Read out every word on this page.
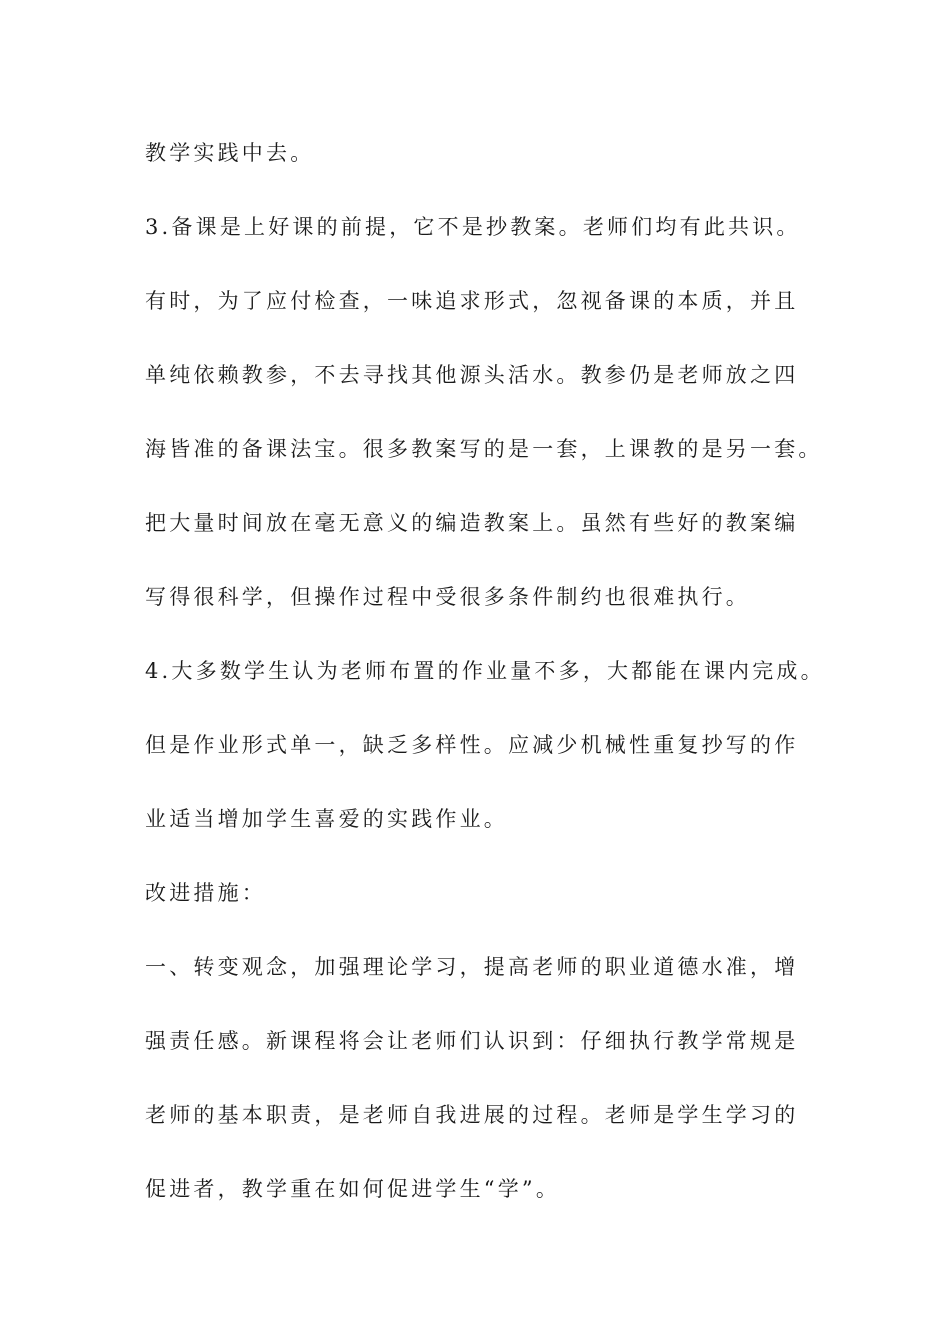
教学实践中去。
3.备课是上好课的前提，它不是抄教案。老师们均有此共识。
有时，为了应付检查，一味追求形式，忽视备课的本质，并且
单纯依赖教参，不去寻找其他源头活水。教参仍是老师放之四
海皆准的备课法宝。很多教案写的是一套，上课教的是另一套。
把大量时间放在毫无意义的编造教案上。虽然有些好的教案编
写得很科学，但操作过程中受很多条件制约也很难执行。
4.大多数学生认为老师布置的作业量不多，大都能在课内完成。
但是作业形式单一，缺乏多样性。应减少机械性重复抄写的作
业适当增加学生喜爱的实践作业。
改进措施：
一、转变观念，加强理论学习，提高老师的职业道德水准，增
强责任感。新课程将会让老师们认识到：仔细执行教学常规是
老师的基本职责，是老师自我进展的过程。老师是学生学习的
促进者，教学重在如何促进学生“学”。
